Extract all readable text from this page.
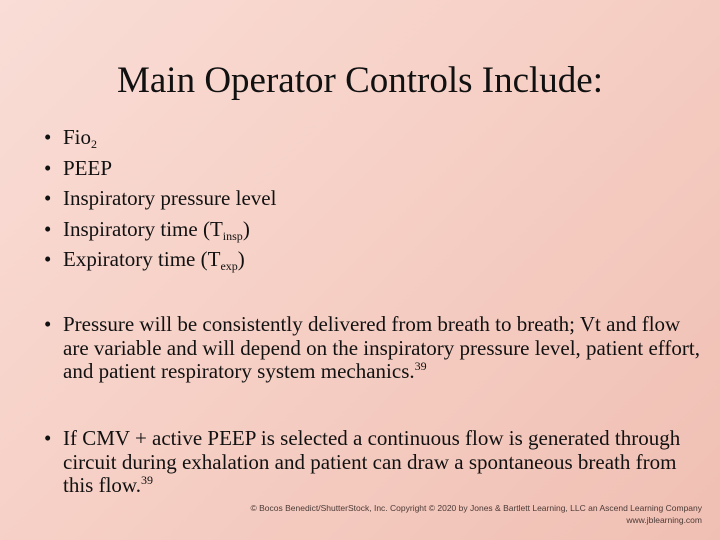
Main Operator Controls Include:
• Fio$_2$
• PEEP
• Inspiratory pressure level
• Inspiratory time $(T_{insp})$
• Expiratory time $(T_{exp})$
• Pressure will be consistently delivered from breath to breath; Vt and flow are variable and will depend on the inspiratory pressure level, patient effort, and patient respiratory system mechanics.$^{39}$
• If CMV + active PEEP is selected a continuous flow is generated through circuit during exhalation and patient can draw a spontaneous breath from this flow.$^{39}$
© Bocos Benedict/ShutterStock, Inc. Copyright © 2020 by Jones & Bartlett Learning, LLC an Ascend Learning Company
www.jblearning.com
